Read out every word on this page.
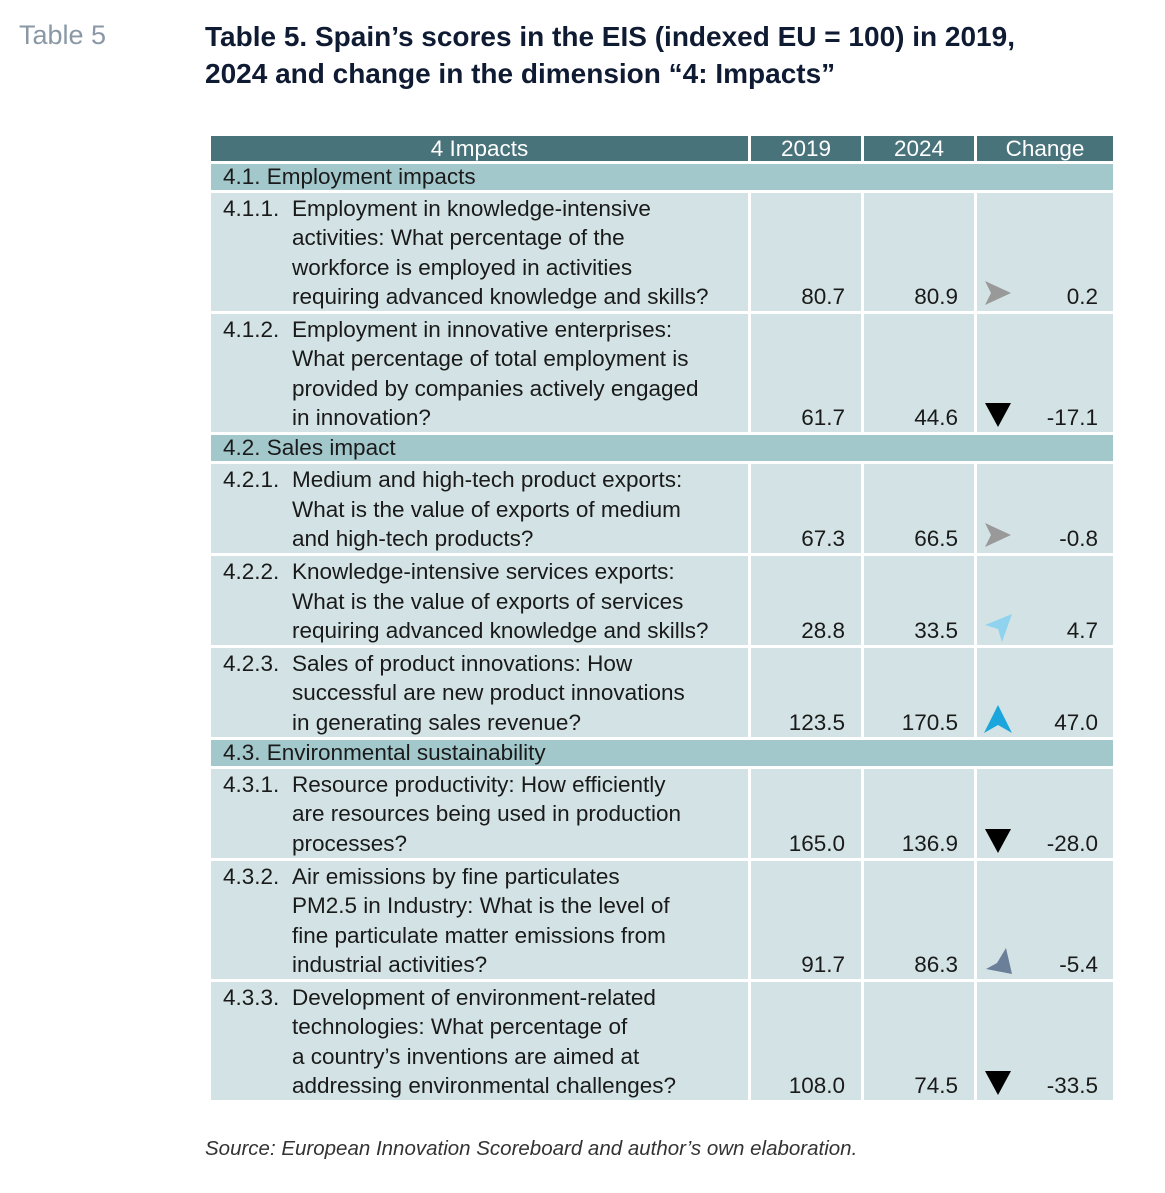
Table 5	Table 5. Spain’s scores in the EIS (indexed EU = 100) in 2019,
2024 and change in the dimension “4: Impacts”
4 Impacts	2019	2024	Change
4.1. Employment impacts			

4.1.1. Employment in knowledge-intensive
activities: What percentage of the
workforce is employed in activities
requiring advanced knowledge and skills?	80.7	80.9	0.2

4.1.2. Employment in innovative enterprises:
What percentage of total employment is
provided by companies actively engaged
in innovation?	61.7	44.6	-17.1

4.2. Sales impact			

4.2.1. Medium and high-tech product exports:
What is the value of exports of medium
and high-tech products?	67.3	66.5	-0.8

4.2.2. Knowledge-intensive services exports:
What is the value of exports of services
requiring advanced knowledge and skills?	28.8	33.5	4.7

4.2.3. Sales of product innovations: How
successful are new product innovations
in generating sales revenue?	123.5	170.5	47.0

4.3. Environmental sustainability			

4.3.1. Resource productivity: How efficiently
are resources being used in production
processes?	165.0	136.9	-28.0

4.3.2. Air emissions by fine particulates
PM2.5 in Industry: What is the level of
fine particulate matter emissions from
industrial activities?	91.7	86.3	-5.4

4.3.3. Development of environment-related
technologies: What percentage of
a country’s inventions are aimed at
addressing environmental challenges?	108.0	74.5	-33.5
Source: European Innovation Scoreboard and author’s own elaboration.
